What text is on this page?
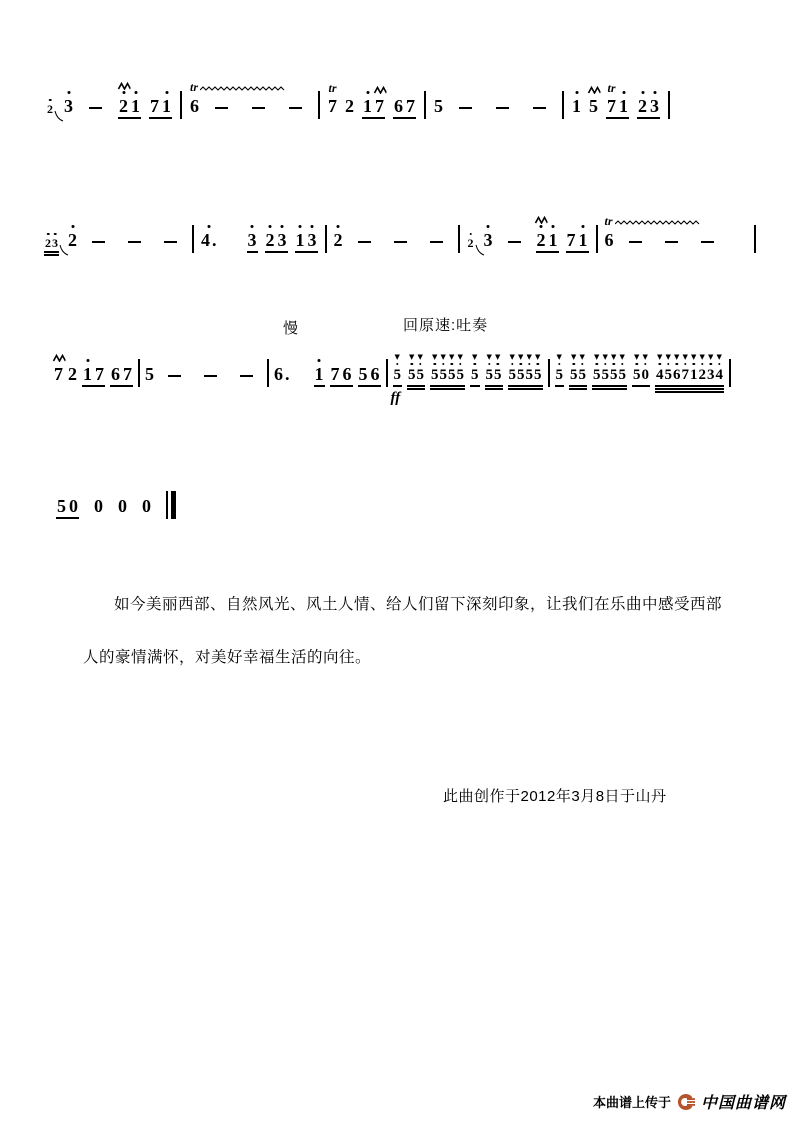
2 3	2 1 7 1
tr
6
tr
7 2 1 7 6 7 5	1 5
tr
7 1 2 3
2 3 2	4 . 3 2 3 1 3 2	2 3 2 1 7 1
tr
6
7 2 1 7 6 7 5	6 . 1 7 6 5 6
▼
5
ff
▼
5
▼
5
▼
5
▼
5
▼
5
▼
5
▼
5
▼
5
▼
5
▼
5
▼
5
▼
5
▼
5
▼
5
▼
5
▼
5
▼
5
▼
5
▼
5
▼
5
▼
5
▼
0
▼
4
▼
5
▼
6
▼
7
▼
1
▼
2
▼
3
▼
4
5 0 0 0 0
慢	回原速:吐奏
如今美丽西部、自然风光、风土人情、给人们留下深刻印象，让我们在乐曲中感受西部人的豪情满怀，对美好幸福生活的向往。
此曲创作于2012年3月8日于山丹
本曲谱上传于 中国曲谱网
